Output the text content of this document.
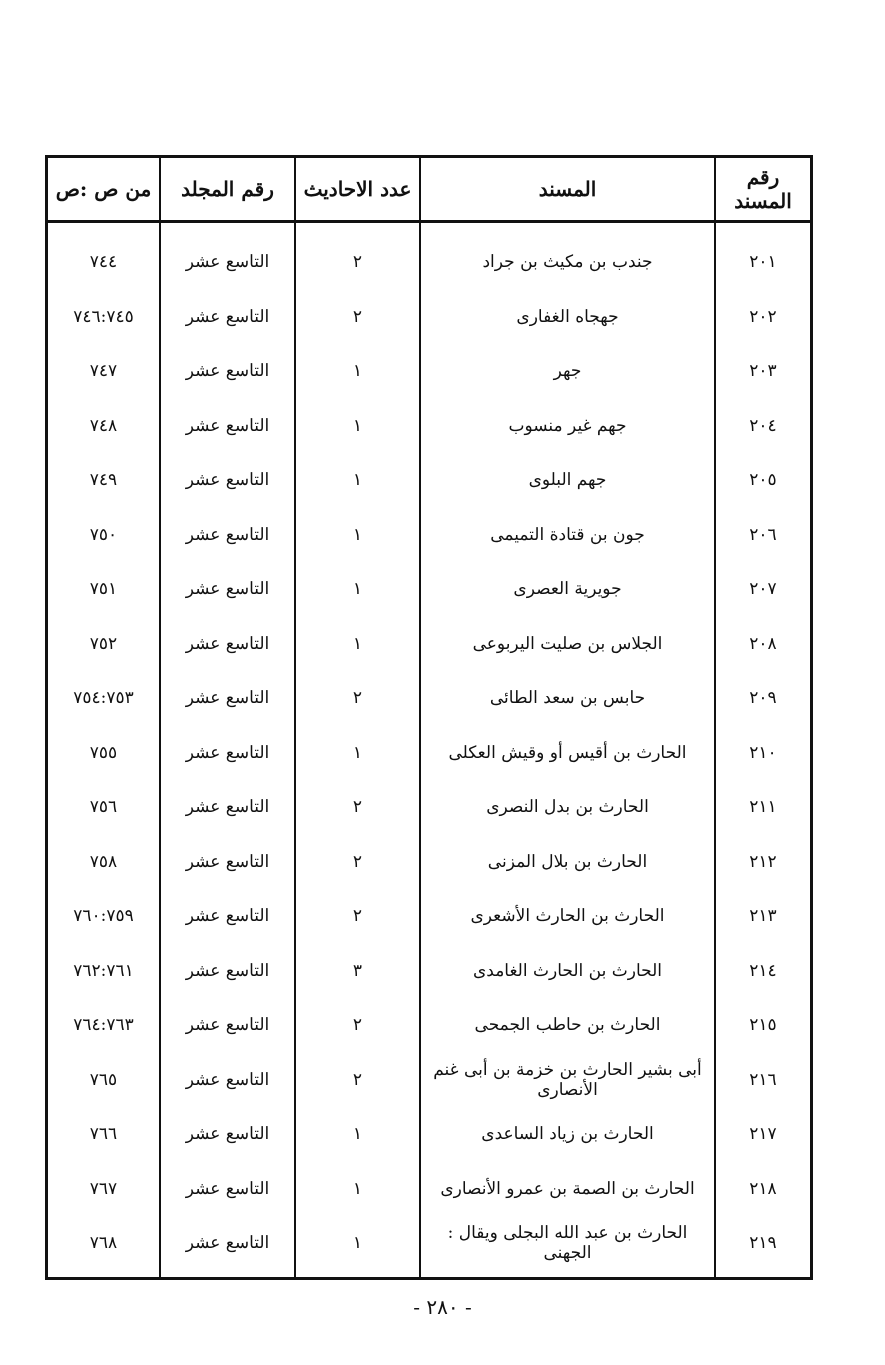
رقم المسند	المسند	عدد الاحاديث	رقم المجلد	من ص :ص

٢٠١	جندب بن مكيث بن جراد	٢	التاسع عشر	٧٤٤
٢٠٢	جهجاه الغفارى	٢	التاسع عشر	٧٤٦:٧٤٥
٢٠٣	جهر	١	التاسع عشر	٧٤٧
٢٠٤	جهم غير منسوب	١	التاسع عشر	٧٤٨
٢٠٥	جهم البلوى	١	التاسع عشر	٧٤٩
٢٠٦	جون بن قتادة التميمى	١	التاسع عشر	٧٥٠
٢٠٧	جويرية العصرى	١	التاسع عشر	٧٥١
٢٠٨	الجلاس بن صليت اليربوعى	١	التاسع عشر	٧٥٢
٢٠٩	حابس بن سعد الطائى	٢	التاسع عشر	٧٥٤:٧٥٣
٢١٠	الحارث بن أقيس أو وقيش العكلى	١	التاسع عشر	٧٥٥
٢١١	الحارث بن بدل النصرى	٢	التاسع عشر	٧٥٦
٢١٢	الحارث بن بلال المزنى	٢	التاسع عشر	٧٥٨
٢١٣	الحارث بن الحارث الأشعرى	٢	التاسع عشر	٧٦٠:٧٥٩
٢١٤	الحارث بن الحارث الغامدى	٣	التاسع عشر	٧٦٢:٧٦١
٢١٥	الحارث بن حاطب الجمحى	٢	التاسع عشر	٧٦٤:٧٦٣
٢١٦	أبى بشير الحارث بن خزمة بن أبى غنم الأنصارى	٢	التاسع عشر	٧٦٥
٢١٧	الحارث بن زياد الساعدى	١	التاسع عشر	٧٦٦
٢١٨	الحارث بن الصمة بن عمرو الأنصارى	١	التاسع عشر	٧٦٧
٢١٩	الحارث بن عبد الله البجلى ويقال : الجهنى	١	التاسع عشر	٧٦٨

- ٢٨٠ -
